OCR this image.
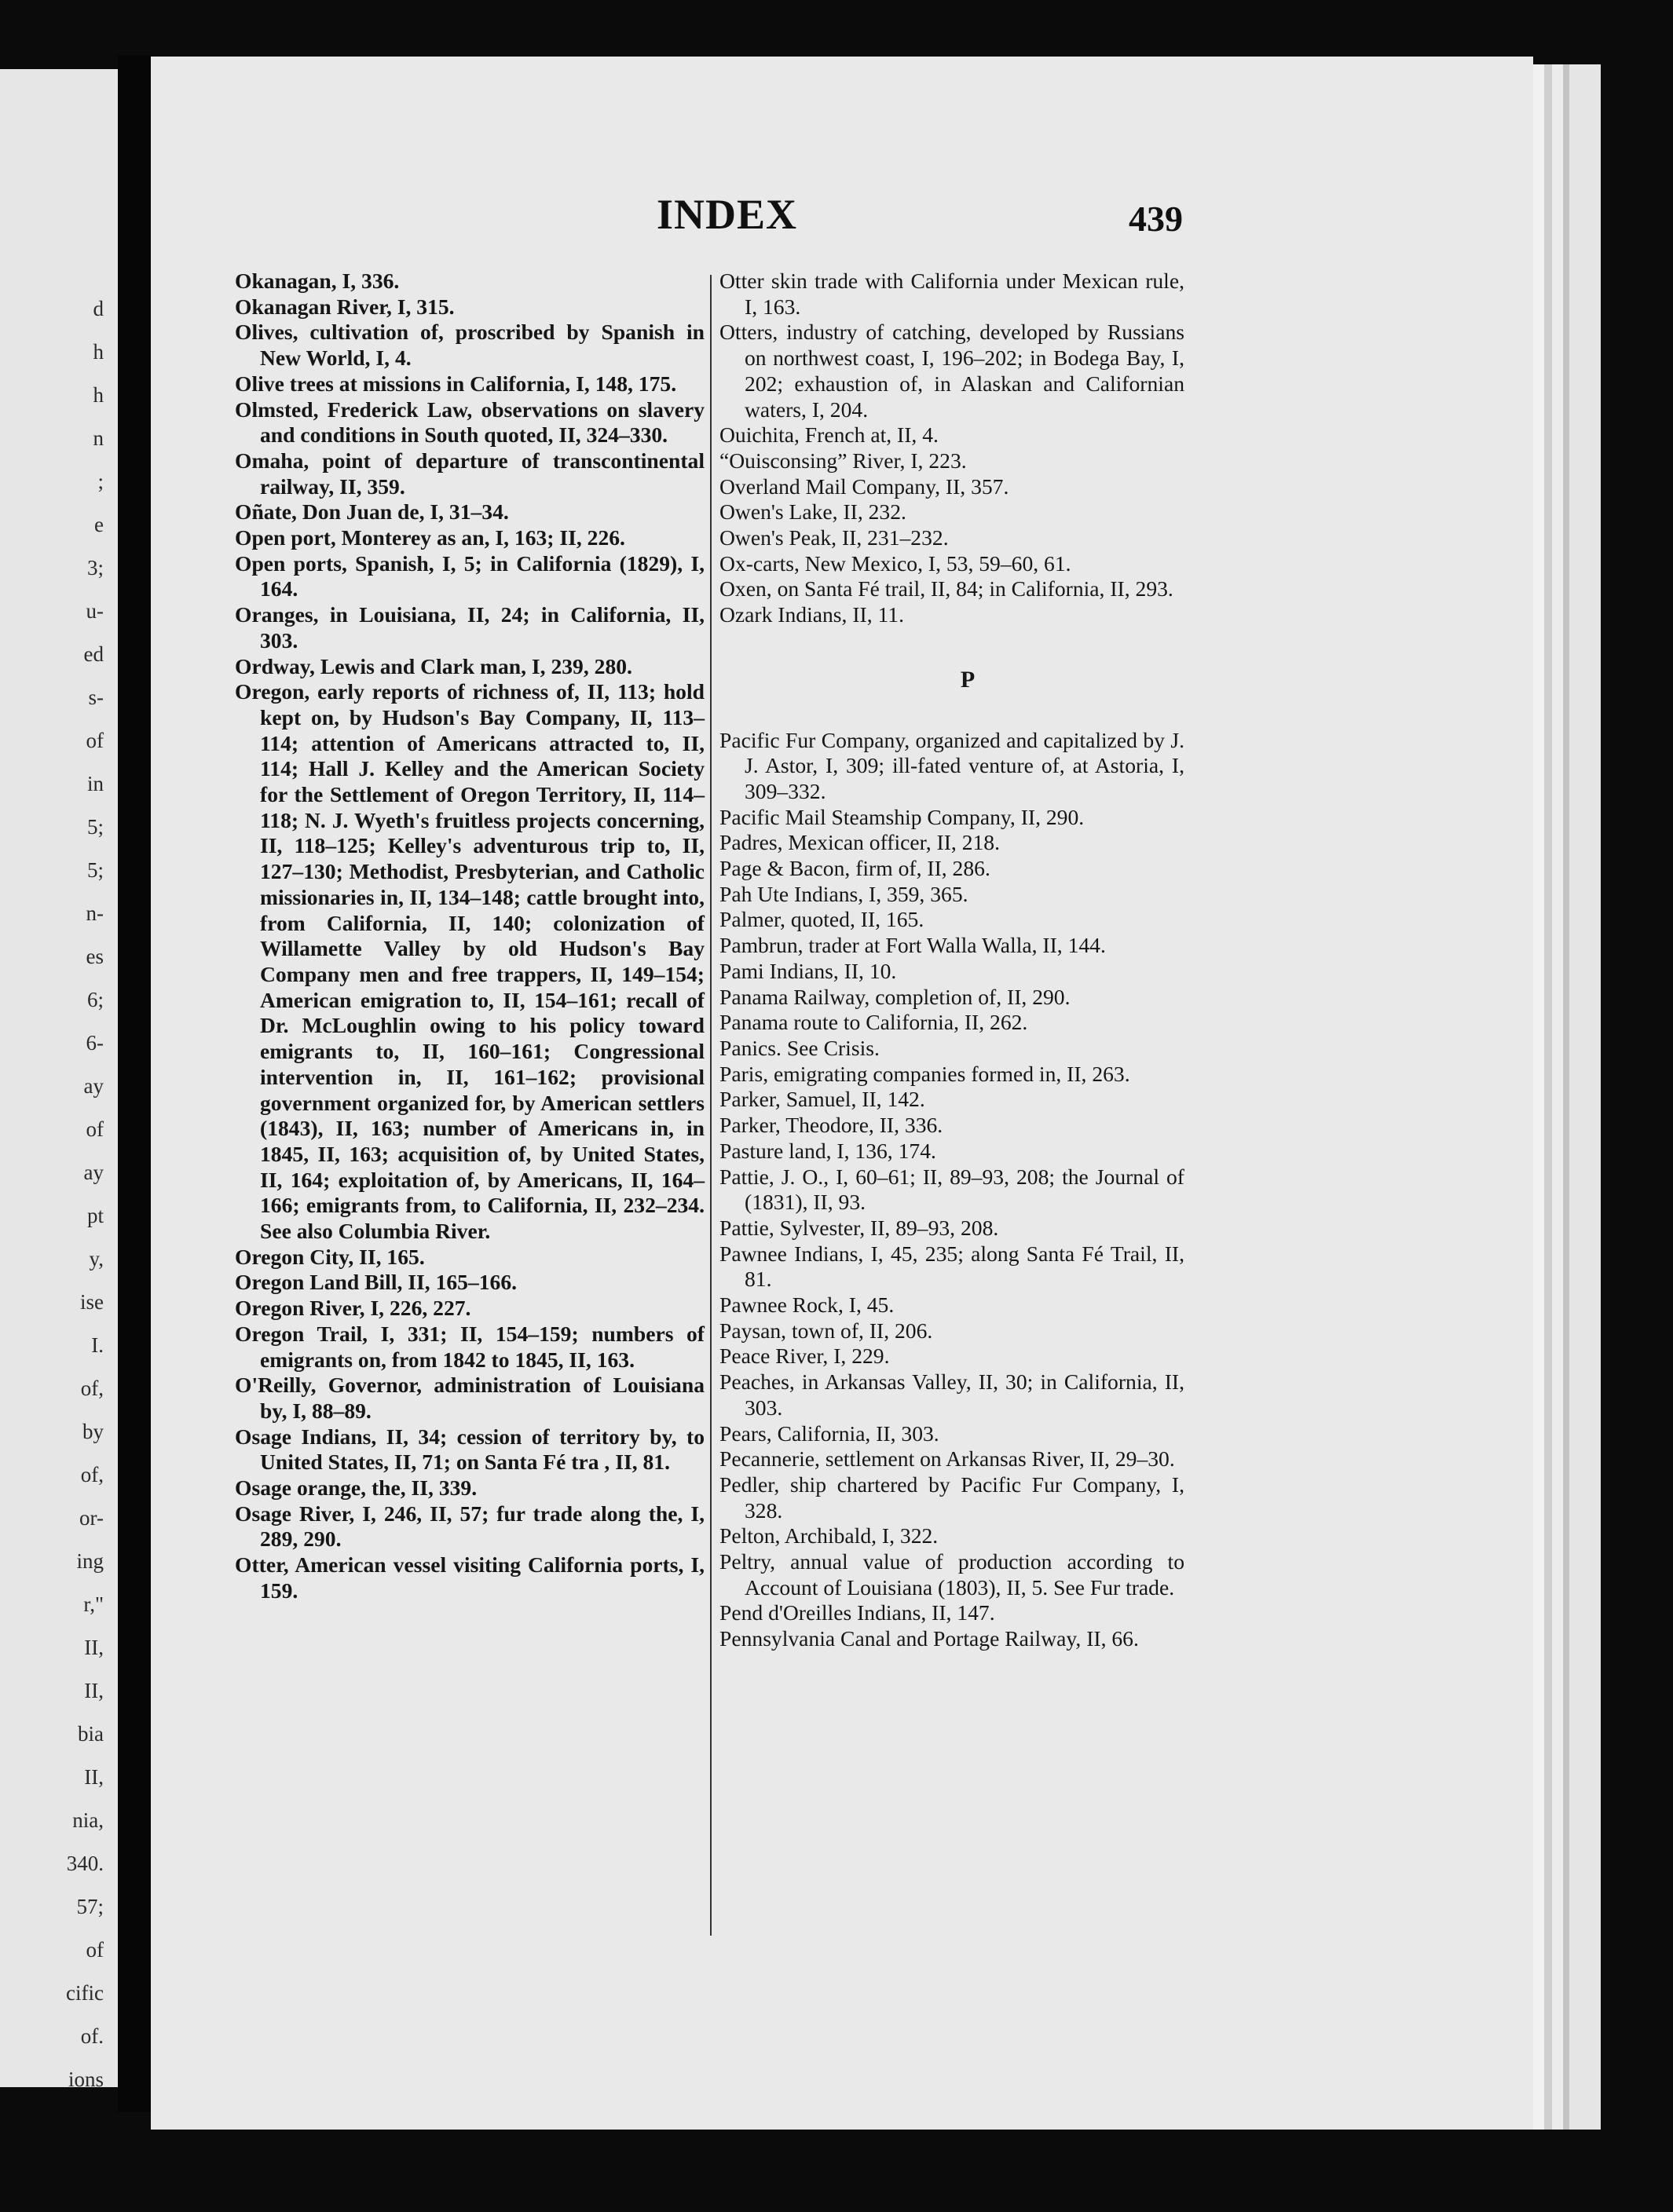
d
h
h
n
;
e
3;
u-
ed
s-
of
in
5;
5;
n-
es
6;
6-
ay
of
ay
pt
y,
ise
I.
of,
by
of,
or-
ing
r,"
II,
II,
bia
II,
nia,
340.
57;
of
cific
of.
ions
INDEX	439

Okanagan, I, 336.

Okanagan River, I, 315.

Olives, cultivation of, proscribed by Spanish in New World, I, 4.

Olive trees at missions in California, I, 148, 175.

Olmsted, Frederick Law, observations on slavery and conditions in South quoted, II, 324–330.

Omaha, point of departure of transcontinental railway, II, 359.

Oñate, Don Juan de, I, 31–34.

Open port, Monterey as an, I, 163; II, 226.

Open ports, Spanish, I, 5; in California (1829), I, 164.

Oranges, in Louisiana, II, 24; in California, II, 303.

Ordway, Lewis and Clark man, I, 239, 280.

Oregon, early reports of richness of, II, 113; hold kept on, by Hudson's Bay Company, II, 113–114; attention of Americans attracted to, II, 114; Hall J. Kelley and the American Society for the Settlement of Oregon Territory, II, 114–118; N. J. Wyeth's fruitless projects concerning, II, 118–125; Kelley's adventurous trip to, II, 127–130; Methodist, Presbyterian, and Catholic missionaries in, II, 134–148; cattle brought into, from California, II, 140; colonization of Willamette Valley by old Hudson's Bay Company men and free trappers, II, 149–154; American emigration to, II, 154–161; recall of Dr. McLoughlin owing to his policy toward emigrants to, II, 160–161; Congressional intervention in, II, 161–162; provisional government organized for, by American settlers (1843), II, 163; number of Americans in, in 1845, II, 163; acquisition of, by United States, II, 164; exploitation of, by Americans, II, 164–166; emigrants from, to California, II, 232–234. See also Columbia River.

Oregon City, II, 165.

Oregon Land Bill, II, 165–166.

Oregon River, I, 226, 227.

Oregon Trail, I, 331; II, 154–159; numbers of emigrants on, from 1842 to 1845, II, 163.

O'Reilly, Governor, administration of Louisiana by, I, 88–89.

Osage Indians, II, 34; cession of territory by, to United States, II, 71; on Santa Fé tra , II, 81.

Osage orange, the, II, 339.

Osage River, I, 246, II, 57; fur trade along the, I, 289, 290.

Otter, American vessel visiting California ports, I, 159.

Otter skin trade with California under Mexican rule, I, 163.

Otters, industry of catching, developed by Russians on northwest coast, I, 196–202; in Bodega Bay, I, 202; exhaustion of, in Alaskan and Californian waters, I, 204.

Ouichita, French at, II, 4.

“Ouisconsing” River, I, 223.

Overland Mail Company, II, 357.

Owen's Lake, II, 232.

Owen's Peak, II, 231–232.

Ox-carts, New Mexico, I, 53, 59–60, 61.

Oxen, on Santa Fé trail, II, 84; in California, II, 293.

Ozark Indians, II, 11.

P

Pacific Fur Company, organized and capitalized by J. J. Astor, I, 309; ill-fated venture of, at Astoria, I, 309–332.

Pacific Mail Steamship Company, II, 290.

Padres, Mexican officer, II, 218.

Page & Bacon, firm of, II, 286.

Pah Ute Indians, I, 359, 365.

Palmer, quoted, II, 165.

Pambrun, trader at Fort Walla Walla, II, 144.

Pami Indians, II, 10.

Panama Railway, completion of, II, 290.

Panama route to California, II, 262.

Panics. See Crisis.

Paris, emigrating companies formed in, II, 263.

Parker, Samuel, II, 142.

Parker, Theodore, II, 336.

Pasture land, I, 136, 174.

Pattie, J. O., I, 60–61; II, 89–93, 208; the Journal of (1831), II, 93.

Pattie, Sylvester, II, 89–93, 208.

Pawnee Indians, I, 45, 235; along Santa Fé Trail, II, 81.

Pawnee Rock, I, 45.

Paysan, town of, II, 206.

Peace River, I, 229.

Peaches, in Arkansas Valley, II, 30; in California, II, 303.

Pears, California, II, 303.

Pecannerie, settlement on Arkansas River, II, 29–30.

Pedler, ship chartered by Pacific Fur Company, I, 328.

Pelton, Archibald, I, 322.

Peltry, annual value of production according to Account of Louisiana (1803), II, 5. See Fur trade.

Pend d'Oreilles Indians, II, 147.

Pennsylvania Canal and Portage Railway, II, 66.
